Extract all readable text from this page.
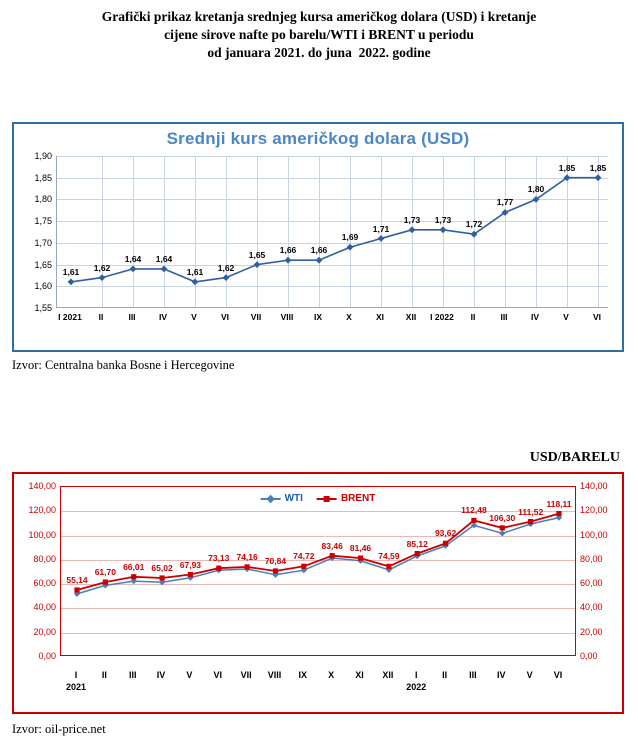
Grafički prikaz kretanja srednjeg kursa američkog dolara (USD) i kretanje
cijene sirove nafte po barelu/WTI i BRENT u periodu
od januara 2021. do juna  2022. godine
Srednji kurs američkog dolara (USD)
1,55
1,60
1,65
1,70
1,75
1,80
1,85
1,90
1,61 1,62
1,64 1,64
1,61 1,62
1,65 1,66 1,66
1,69
1,71
1,73 1,73 1,72
1,77
1,80
1,85 1,85
I 2021 II	III	IV	V	VI	VII VIII IX	X	XI	XII I 2022 II	III	IV	V	VI
Izvor: Centralna banka Bosne i Hercegovine
USD/BARELU
0,00
20,00
40,00
60,00
80,00
100,00
120,00
140,00
0,00
20,00
40,00
60,00
80,00
100,00
120,00
140,00
WTI	BRENT
55,14
61,70
66,01 65,02 67,93
73,13 74,16 70,84 74,72
83,46 81,46
74,59
85,12
93,62
112,48
106,30
111,52
118,11
I	II III IV V VI VII VIII IX X XI XII I	II III IV V VI
2021	2022
Izvor: oil-price.net
